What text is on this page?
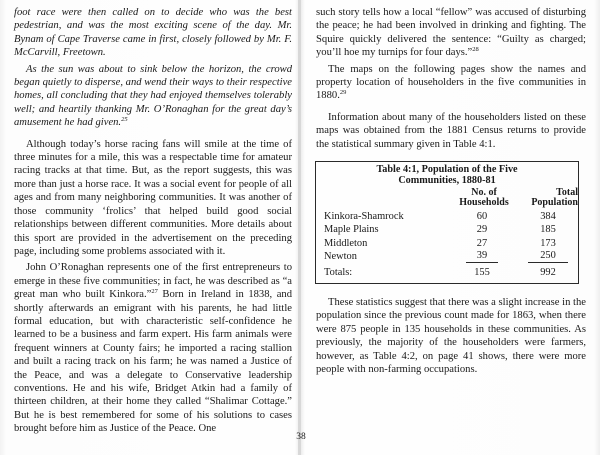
foot race were then called on to decide who was the best pedestrian, and was the most exciting scene of the day. Mr. Bynam of Cape Traverse came in first, closely followed by Mr. F. McCarvill, Freetown.

As the sun was about to sink below the horizon, the crowd began quietly to disperse, and wend their ways to their respective homes, all concluding that they had enjoyed themselves tolerably well; and heartily thanking Mr. O’Ronaghan for the great day’s amusement he had given.$^{25}$

Although today’s horse racing fans will smile at the time of three minutes for a mile, this was a respectable time for amateur racing tracks at that time. But, as the report suggests, this was more than just a horse race. It was a social event for people of all ages and from many neighboring communities. It was another of those community ‘frolics’ that helped build good social relationships between different communities. More details about this sport are provided in the advertisement on the preceding page, including some problems associated with it.

John O’Ronaghan represents one of the first entrepreneurs to emerge in these five communities; in fact, he was described as “a great man who built Kinkora.”$^{27}$ Born in Ireland in 1838, and shortly afterwards an emigrant with his parents, he had little formal education, but with characteristic self-confidence he learned to be a business and farm expert. His farm animals were frequent winners at County fairs; he imported a racing stallion and built a racing track on his farm; he was named a Justice of the Peace, and was a delegate to Conservative leadership conventions. He and his wife, Bridget Atkin had a family of thirteen children, at their home they called “Shalimar Cottage.” But he is best remembered for some of his solutions to cases brought before him as Justice of the Peace. One

such story tells how a local “fellow” was accused of disturbing the peace; he had been involved in drinking and fighting. The Squire quickly delivered the sentence: “Guilty as charged; you’ll hoe my turnips for four days.”$^{28}$

The maps on the following pages show the names and property location of householders in the five communities in 1880.29

Information about many of the householders listed on these maps was obtained from the 1881 Census returns to provide the statistical summary given in Table 4:1.

Table 4:1, Population of the Five
Communities, 1880-81
No. of
Households
Total
Population
Kinkora-Shamrock	60	384
Maple Plains	29	185
Middleton	27	173
Newton	39	250
Totals:	155	992

These statistics suggest that there was a slight increase in the population since the previous count made for 1863, when there were 875 people in 135 households in these communities. As previously, the majority of the householders were farmers, however, as Table 4:2, on page 41 shows, there were more people with non-farming occupations.

38
